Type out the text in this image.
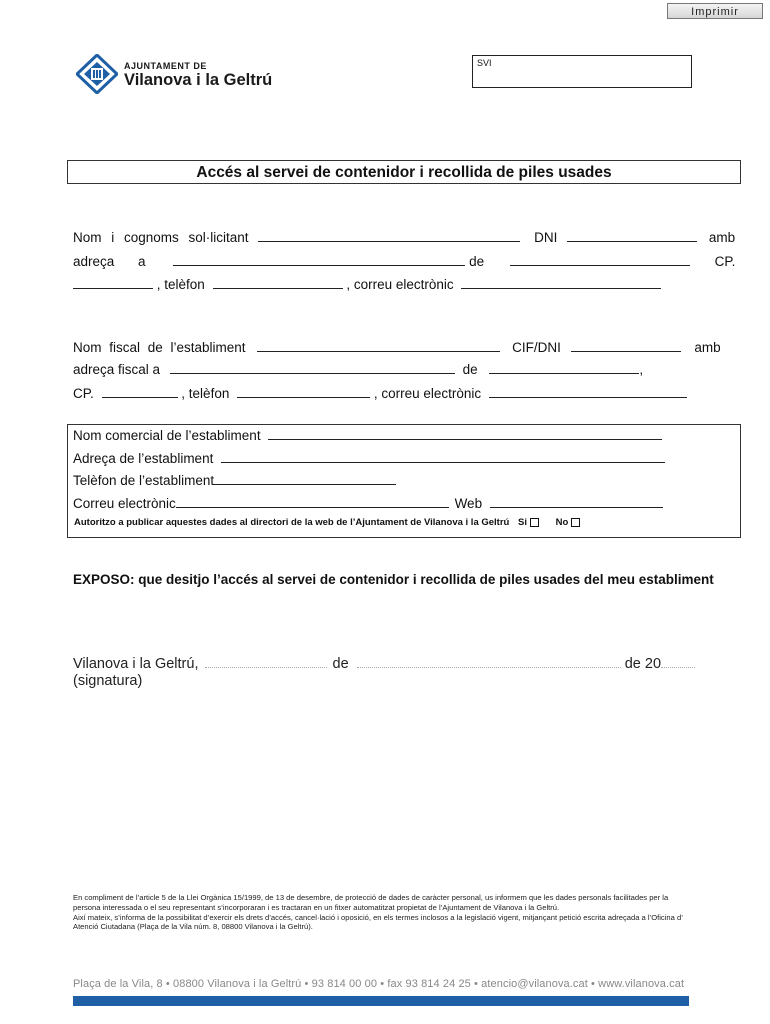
Imprimir
AJUNTAMENT DE
Vilanova i la Geltrú
SVI
Accés al servei de contenidor i recollida de piles usades
Nom i cognoms sol·licitant	DNI	amb
adreça a	de	CP.
, telèfon	, correu electrònic
Nom fiscal de l’establiment	CIF/DNI	amb
adreça fiscal a	de	,
CP.	, telèfon	, correu electrònic
Nom comercial de l’establiment
Adreça de l’establiment
Telèfon de l’establiment
Correu electrònic	Web
Autoritzo a publicar aquestes dades al directori de la web de l’Ajuntament de Vilanova i la Geltrú Si	No
EXPOSO: que desitjo l’accés al servei de contenidor i recollida de piles usades del meu establiment
Vilanova i la Geltrú,	de	de 20
(signatura)
En compliment de l’article 5 de la Llei Orgànica 15/1999, de 13 de desembre, de protecció de dades de caràcter personal, us informem que les dades personals facilitades per la persona interessada o el seu representant s’incorporaran i es tractaran en un fitxer automatitzat propietat de l’Ajuntament de Vilanova i la Geltrú.
Així mateix, s’informa de la possibilitat d’exercir els drets d’accés, cancel·lació i oposició, en els termes inclosos a la legislació vigent, mitjançant petició escrita adreçada a l’Oficina d’ Atenció Ciutadana (Plaça de la Vila núm. 8, 08800 Vilanova i la Geltrú).
Plaça de la Vila, 8 • 08800 Vilanova i la Geltrú • 93 814 00 00 • fax 93 814 24 25 • atencio@vilanova.cat • www.vilanova.cat
